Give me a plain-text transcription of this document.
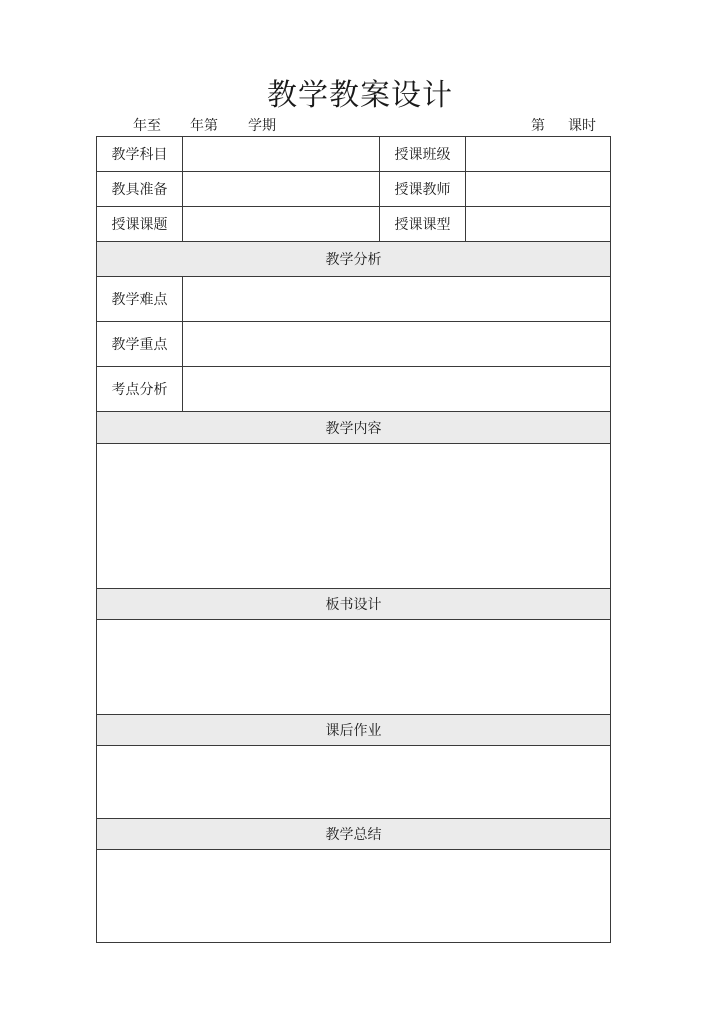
教学教案设计
年至 年第 学期	第 课时
教学科目	授课班级
教具准备	授课教师
授课课题	授课课型
教学分析
教学难点
教学重点
考点分析
教学内容
板书设计
课后作业
教学总结
